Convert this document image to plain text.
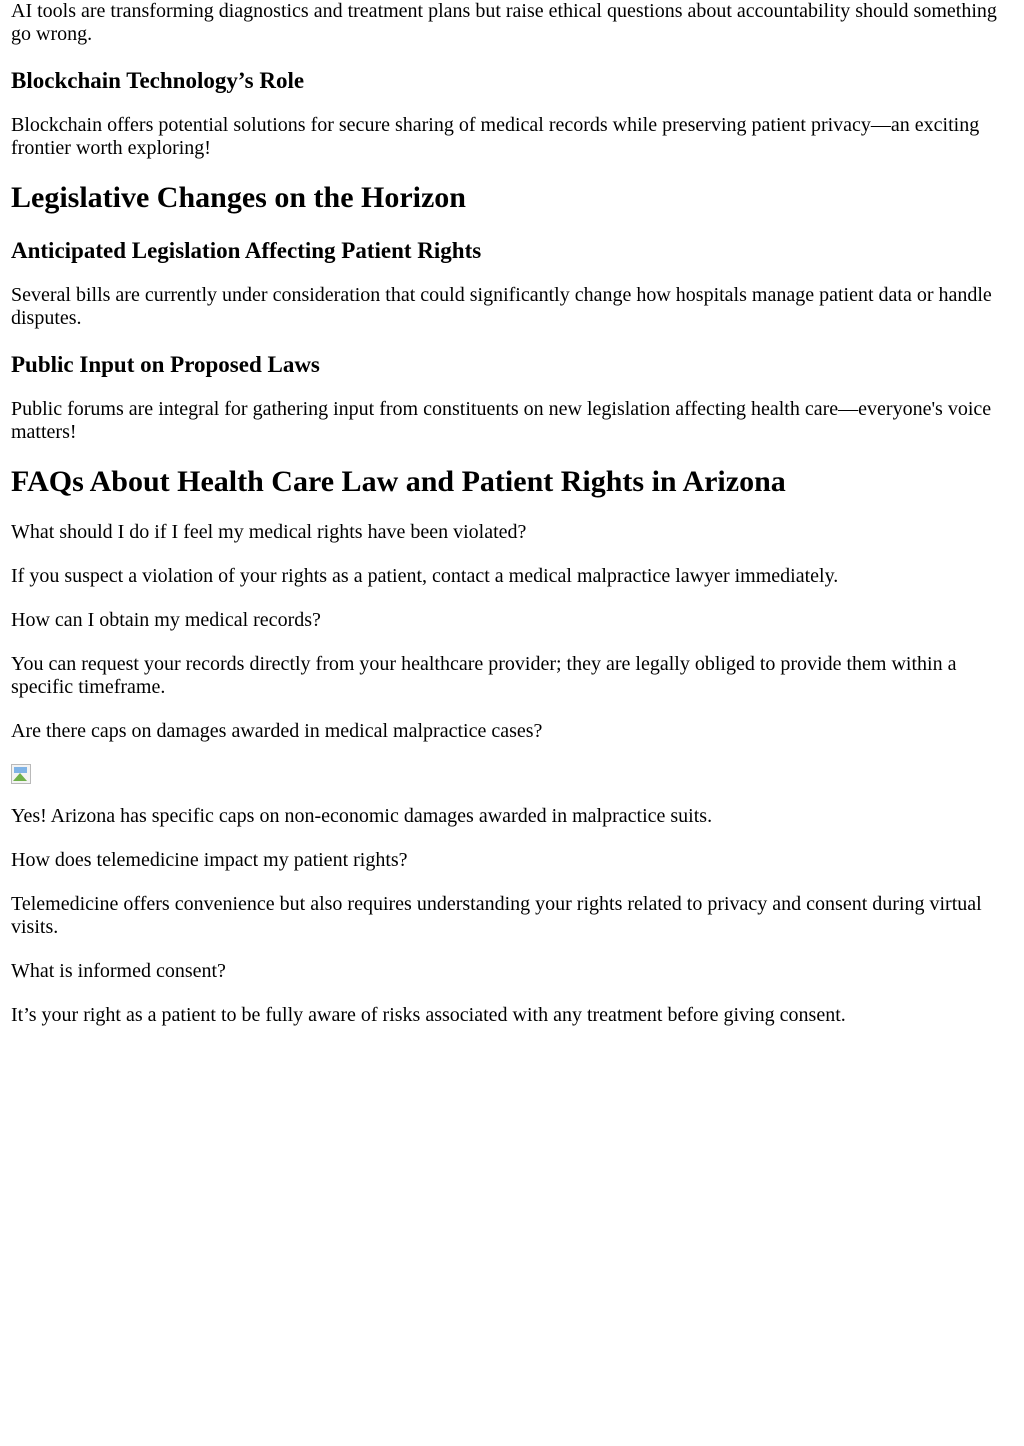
AI tools are transforming diagnostics and treatment plans but raise ethical questions about accountability should something go wrong.

Blockchain Technology’s Role

Blockchain offers potential solutions for secure sharing of medical records while preserving patient privacy—an exciting frontier worth exploring!

Legislative Changes on the Horizon
Anticipated Legislation Affecting Patient Rights

Several bills are currently under consideration that could significantly change how hospitals manage patient data or handle disputes.

Public Input on Proposed Laws

Public forums are integral for gathering input from constituents on new legislation affecting health care—everyone's voice matters!

FAQs About Health Care Law and Patient Rights in Arizona

What should I do if I feel my medical rights have been violated?

If you suspect a violation of your rights as a patient, contact a medical malpractice lawyer immediately.

How can I obtain my medical records?

You can request your records directly from your healthcare provider; they are legally obliged to provide them within a specific timeframe.

Are there caps on damages awarded in medical malpractice cases?

Yes! Arizona has specific caps on non-economic damages awarded in malpractice suits.

How does telemedicine impact my patient rights?

Telemedicine offers convenience but also requires understanding your rights related to privacy and consent during virtual visits.

What is informed consent?

It’s your right as a patient to be fully aware of risks associated with any treatment before giving consent.
